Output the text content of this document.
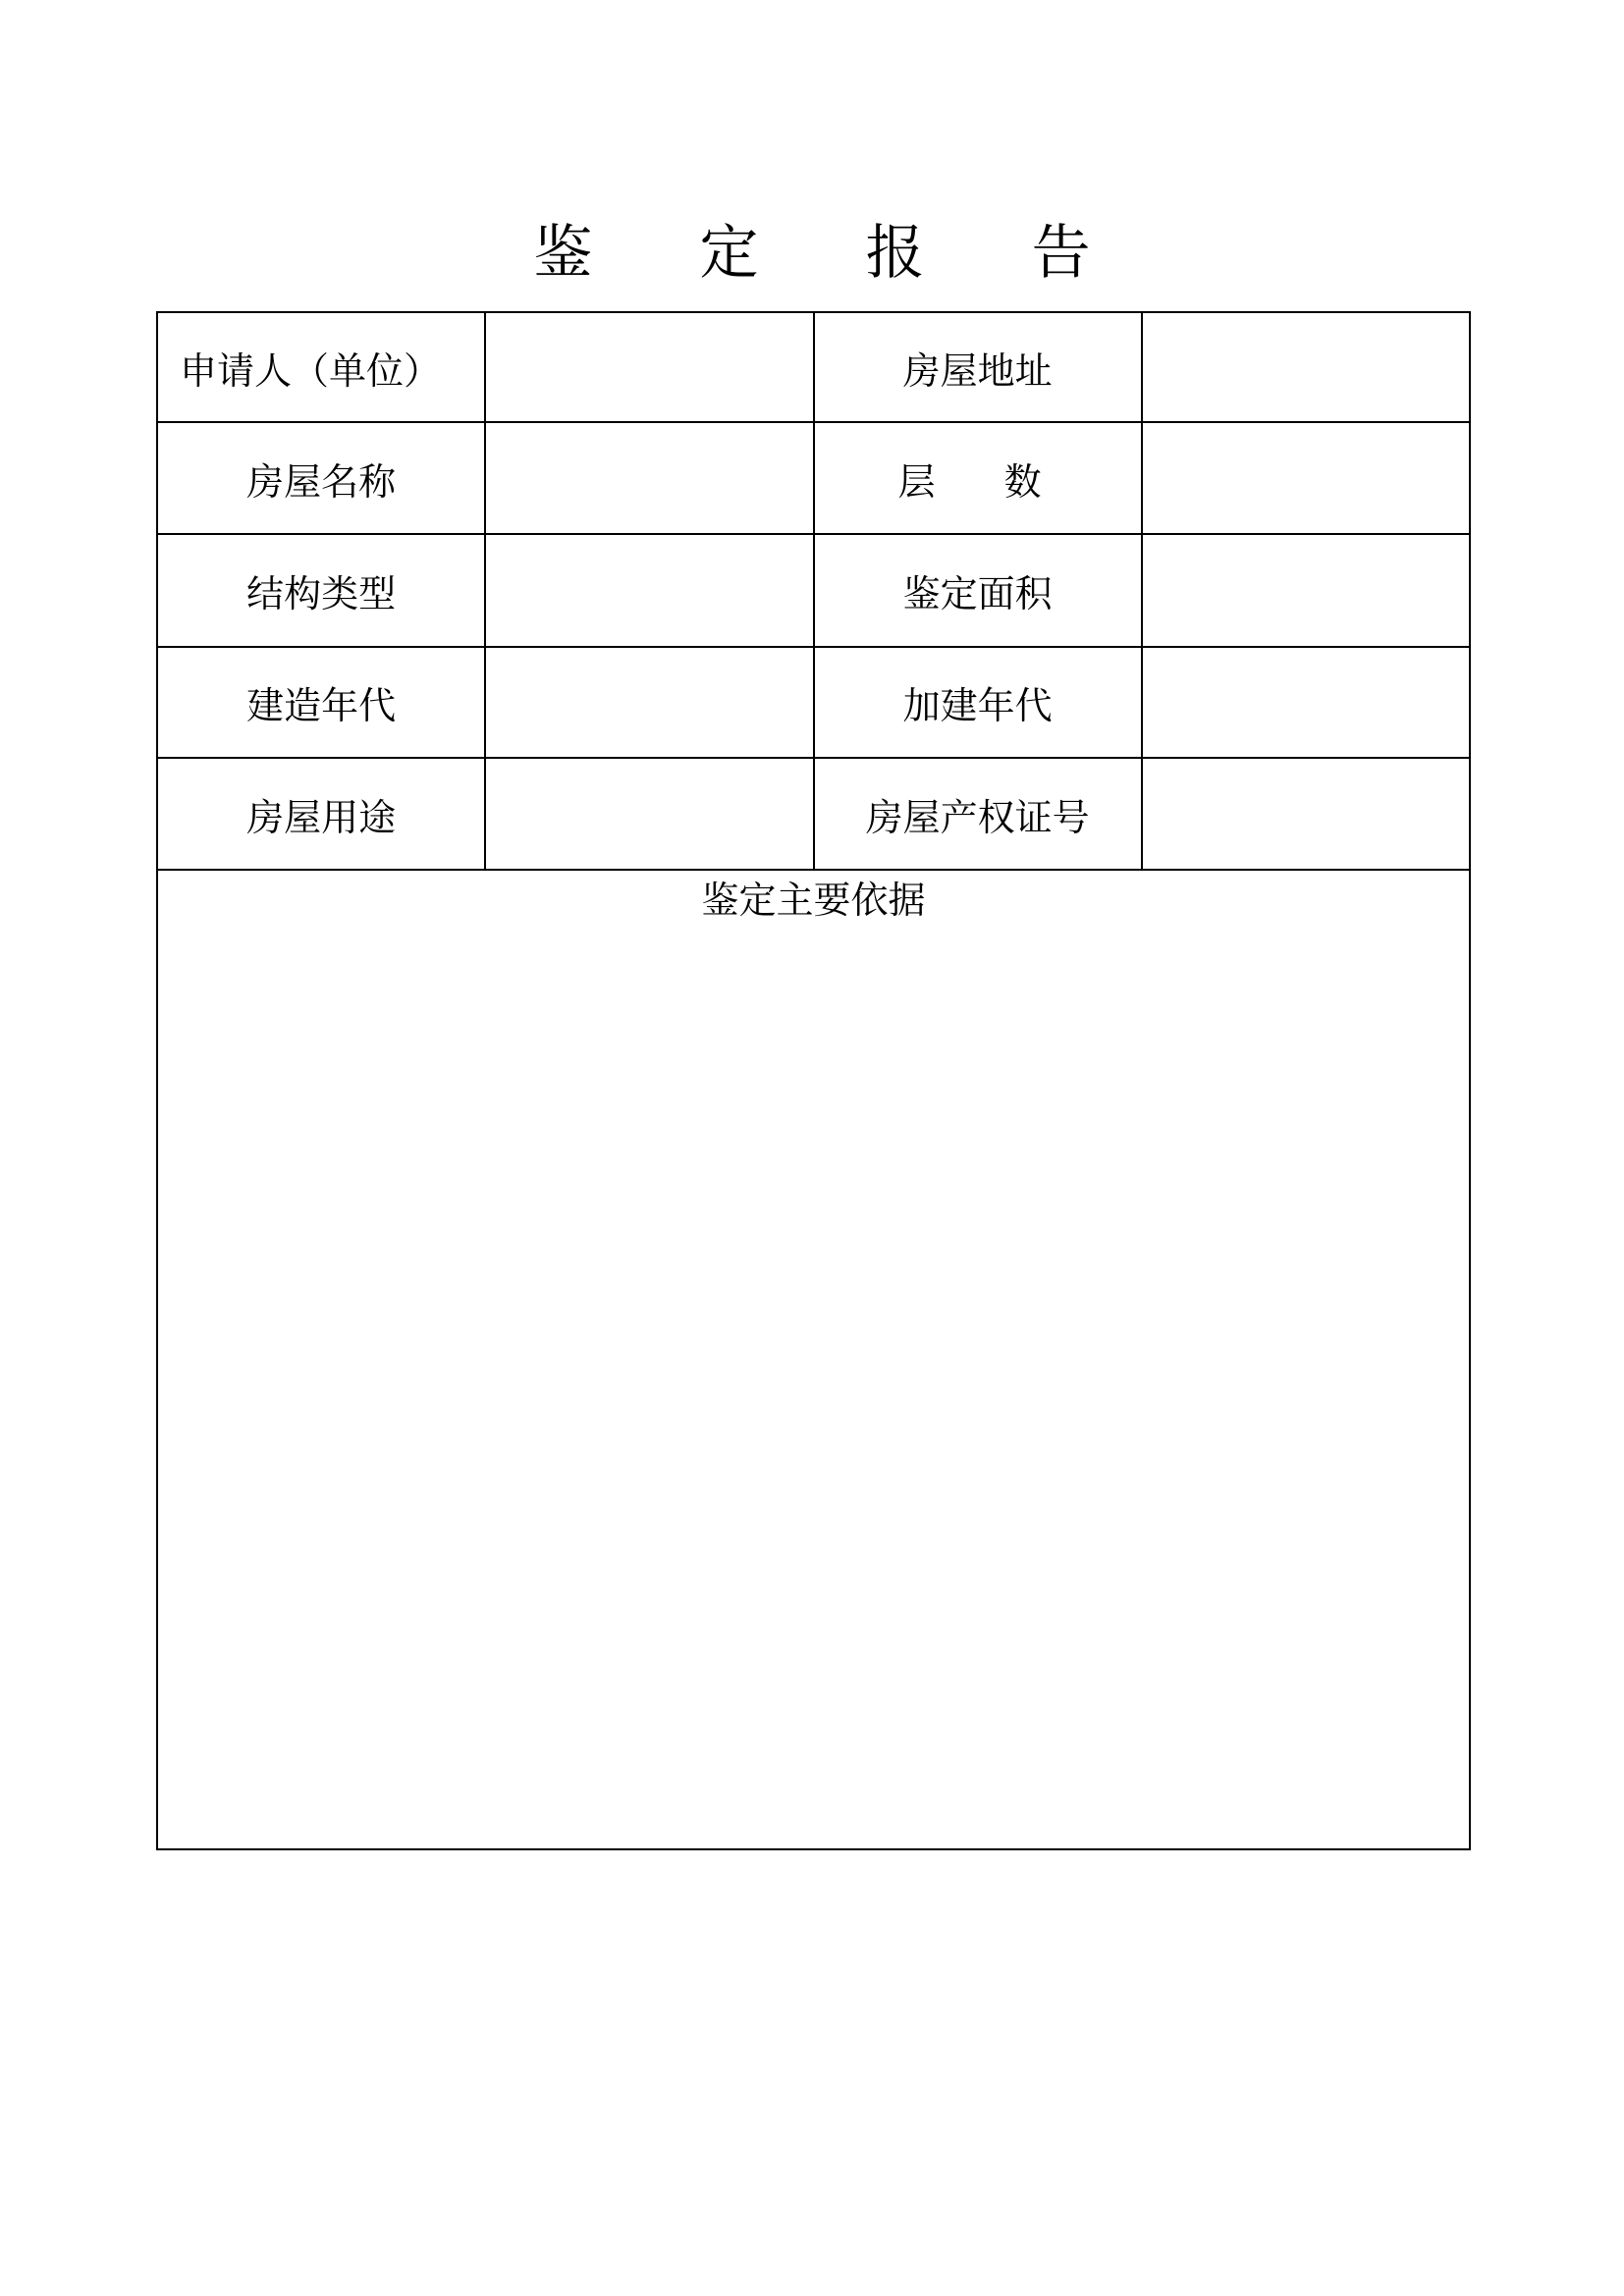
鉴 定 报 告
申请人（单位）		房屋地址	
房屋名称		层　数	
结构类型		鉴定面积	
建造年代		加建年代	
房屋用途		房屋产权证号	

鉴定主要依据			
